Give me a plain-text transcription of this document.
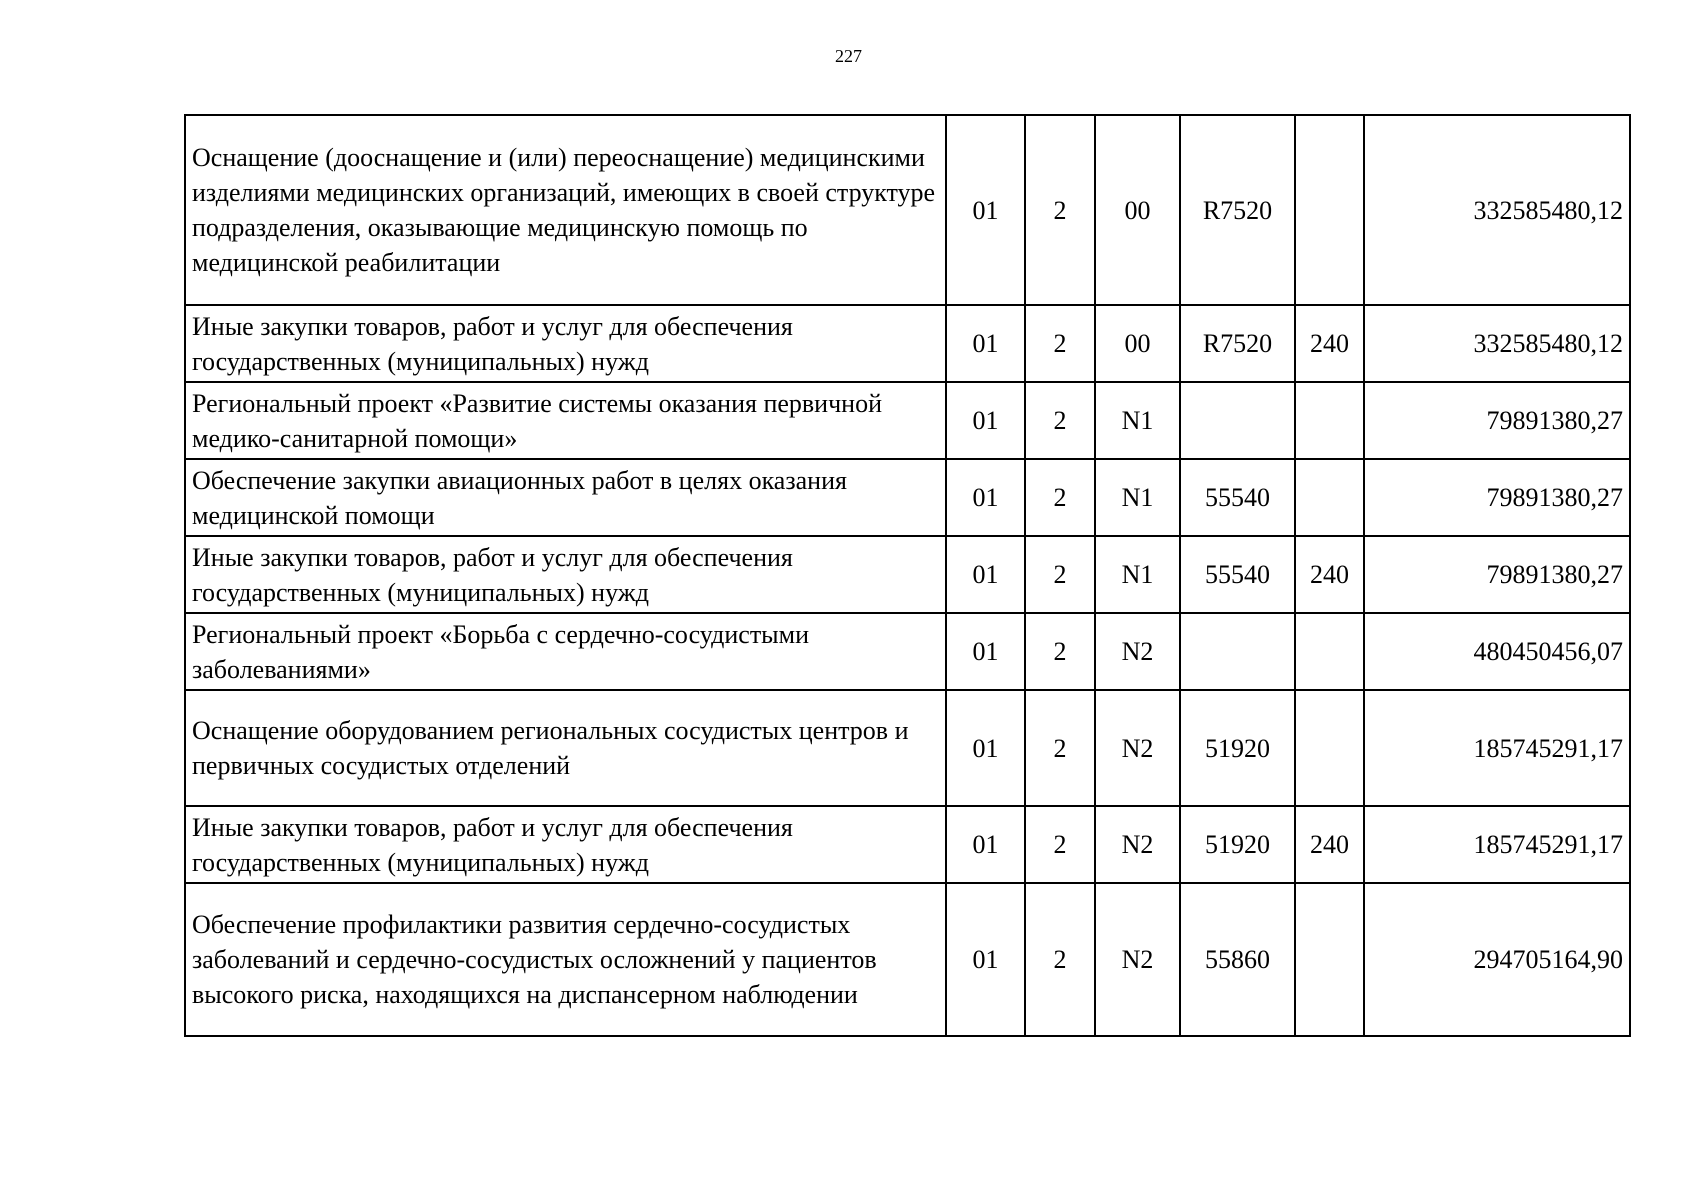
227
Оснащение (дооснащение и (или) переоснащение) медицинскими изделиями медицинских организаций, имеющих в своей структуре подразделения, оказывающие медицинскую помощь по медицинской реабилитации	01	2	00	R7520		332585480,12
Иные закупки товаров, работ и услуг для обеспечения государственных (муниципальных) нужд	01	2	00	R7520	240	332585480,12
Региональный проект «Развитие системы оказания первичной медико-санитарной помощи»	01	2	N1			79891380,27
Обеспечение закупки авиационных работ в целях оказания медицинской помощи	01	2	N1	55540		79891380,27
Иные закупки товаров, работ и услуг для обеспечения государственных (муниципальных) нужд	01	2	N1	55540	240	79891380,27
Региональный проект «Борьба с сердечно-сосудистыми заболеваниями»	01	2	N2			480450456,07
Оснащение оборудованием региональных сосудистых центров и первичных сосудистых отделений	01	2	N2	51920		185745291,17
Иные закупки товаров, работ и услуг для обеспечения государственных (муниципальных) нужд	01	2	N2	51920	240	185745291,17
Обеспечение профилактики развития сердечно-сосудистых заболеваний и сердечно-сосудистых осложнений у пациентов высокого риска, находящихся на диспансерном наблюдении	01	2	N2	55860		294705164,90
